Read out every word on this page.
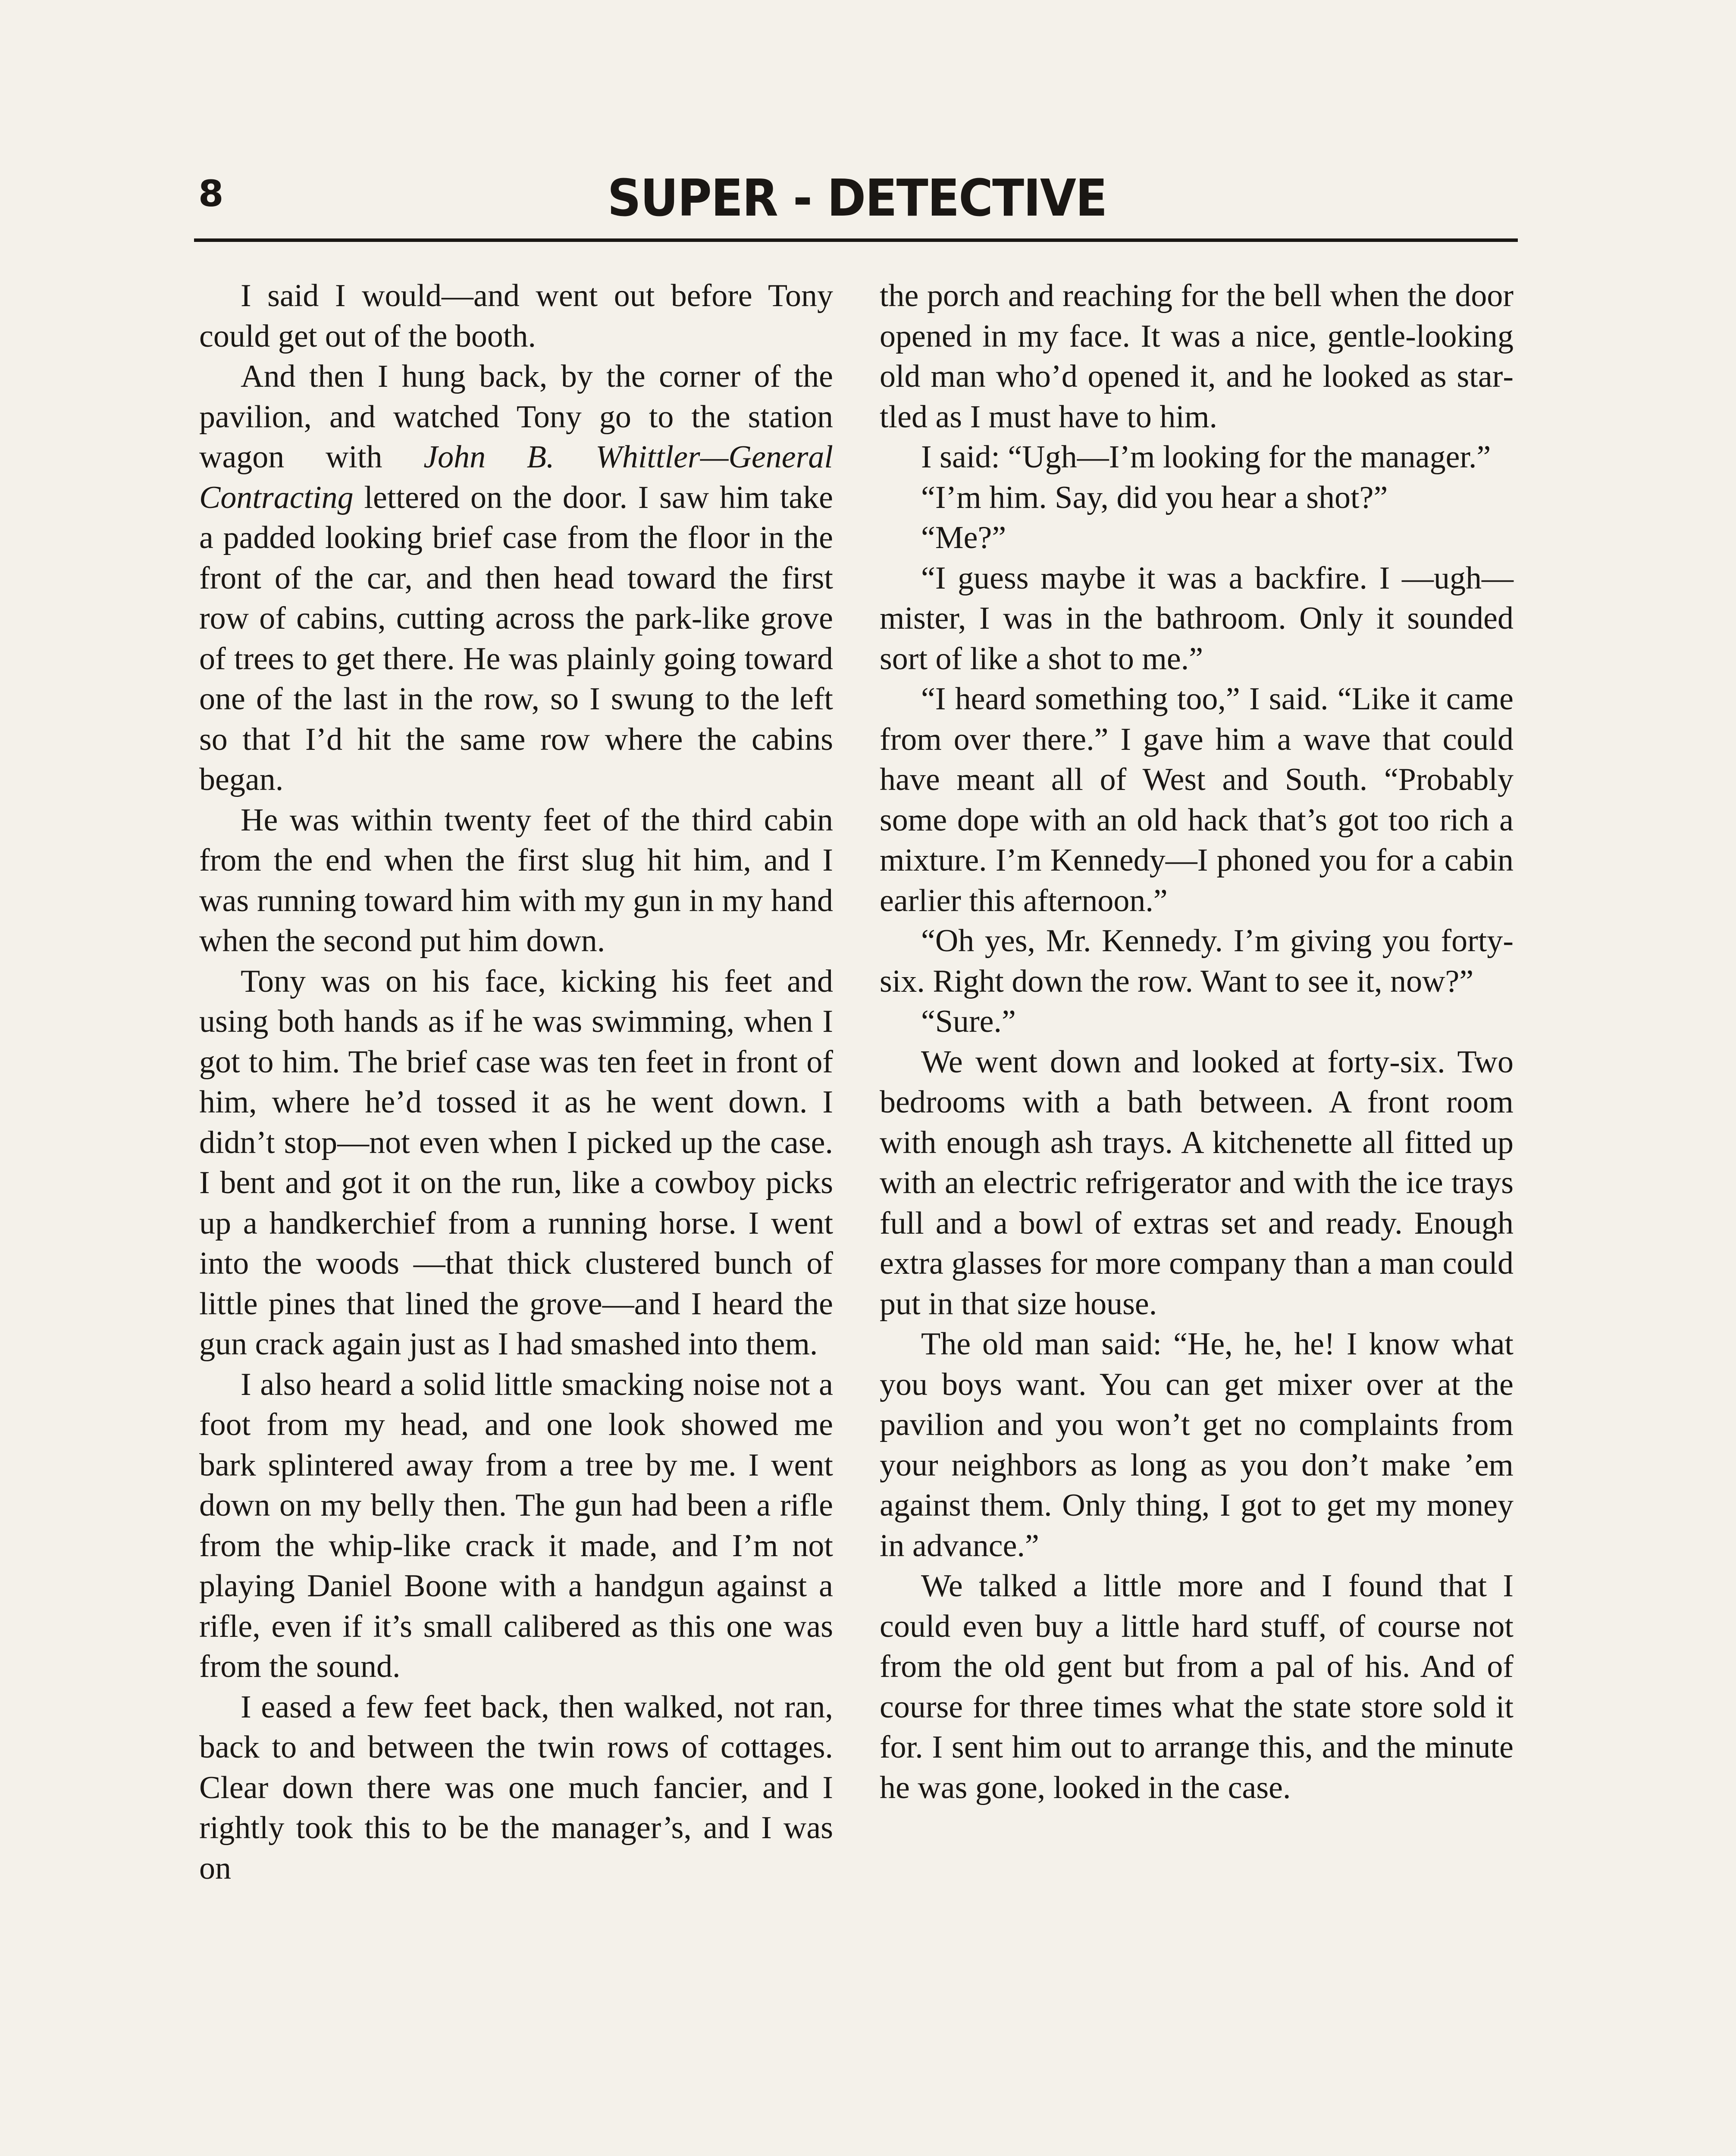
8	SUPER - DETECTIVE

I said I would—and went out before Tony could get out of the booth.

And then I hung back, by the corner of the pavilion, and watched Tony go to the station wagon with John B. Whittler—General Contracting lettered on the door. I saw him take a padded looking brief case from the floor in the front of the car, and then head toward the first row of cabins, cutting across the park-like grove of trees to get there. He was plainly going toward one of the last in the row, so I swung to the left so that I’d hit the same row where the cabins began.

He was within twenty feet of the third cabin from the end when the first slug hit him, and I was running toward him with my gun in my hand when the second put him down.

Tony was on his face, kicking his feet and using both hands as if he was swimming, when I got to him. The brief case was ten feet in front of him, where he’d tossed it as he went down. I didn’t stop—not even when I picked up the case. I bent and got it on the run, like a cowboy picks up a handkerchief from a running horse. I went into the woods —that thick clustered bunch of little pines that lined the grove—and I heard the gun crack again just as I had smashed into them.

I also heard a solid little smacking noise not a foot from my head, and one look showed me bark splintered away from a tree by me. I went down on my belly then. The gun had been a rifle from the whip-like crack it made, and I’m not playing Daniel Boone with a handgun against a rifle, even if it’s small calibered as this one was from the sound.

I eased a few feet back, then walked, not ran, back to and between the twin rows of cottages. Clear down there was one much fancier, and I rightly took this to be the manager’s, and I was on

the porch and reaching for the bell when the door opened in my face. It was a nice, gentle-looking old man who’d opened it, and he looked as startled as I must have to him.

I said: “Ugh—I’m looking for the manager.”

“I’m him. Say, did you hear a shot?”

“Me?”

“I guess maybe it was a backfire. I —ugh—mister, I was in the bathroom. Only it sounded sort of like a shot to me.”

“I heard something too,” I said. “Like it came from over there.” I gave him a wave that could have meant all of West and South. “Probably some dope with an old hack that’s got too rich a mixture. I’m Kennedy—I phoned you for a cabin earlier this afternoon.”

“Oh yes, Mr. Kennedy. I’m giving you forty-six. Right down the row. Want to see it, now?”

“Sure.”

We went down and looked at forty-six. Two bedrooms with a bath between. A front room with enough ash trays. A kitchenette all fitted up with an electric refrigerator and with the ice trays full and a bowl of extras set and ready. Enough extra glasses for more company than a man could put in that size house.

The old man said: “He, he, he! I know what you boys want. You can get mixer over at the pavilion and you won’t get no complaints from your neighbors as long as you don’t make ’em against them. Only thing, I got to get my money in advance.”

We talked a little more and I found that I could even buy a little hard stuff, of course not from the old gent but from a pal of his. And of course for three times what the state store sold it for. I sent him out to arrange this, and the minute he was gone, looked in the case.
